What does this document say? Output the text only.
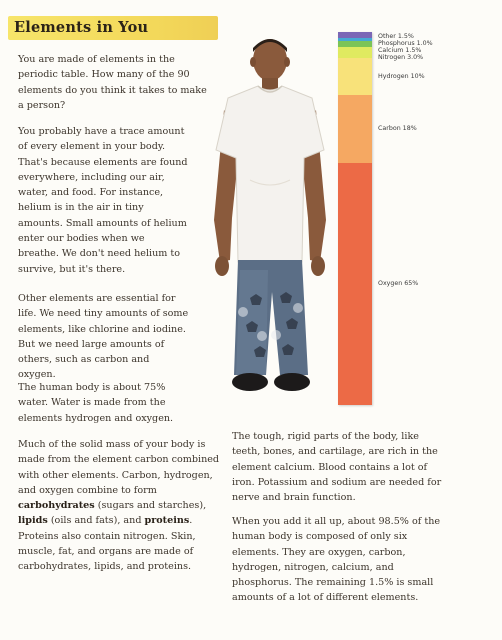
Elements in You

You are made of elements in the periodic table. How many of the 90 elements do you think it takes to make a person?

You probably have a trace amount of every element in your body. That's because elements are found everywhere, including our air, water, and food. For instance, helium is in the air in tiny amounts. Small amounts of helium enter our bodies when we breathe. We don't need helium to survive, but it's there.

Other elements are essential for life. We need tiny amounts of some elements, like chlorine and iodine. But we need large amounts of others, such as carbon and oxygen.

The human body is about 75% water. Water is made from the elements hydrogen and oxygen.

Much of the solid mass of your body is made from the element carbon combined with other elements. Carbon, hydrogen, and oxygen combine to form carbohydrates (sugars and starches), lipids (oils and fats), and proteins. Proteins also contain nitrogen. Skin, muscle, fat, and organs are made of carbohydrates, lipids, and proteins.

The tough, rigid parts of the body, like teeth, bones, and cartilage, are rich in the element calcium. Blood contains a lot of iron. Potassium and sodium are needed for nerve and brain function.

When you add it all up, about 98.5% of the human body is composed of only six elements. They are oxygen, carbon, hydrogen, nitrogen, calcium, and phosphorus. The remaining 1.5% is small amounts of a lot of different elements.

Other 1.5%
Phosphorus 1.0%
Calcium 1.5%
Nitrogen 3.0%
Hydrogen 10%
Carbon 18%
Oxygen 65%
